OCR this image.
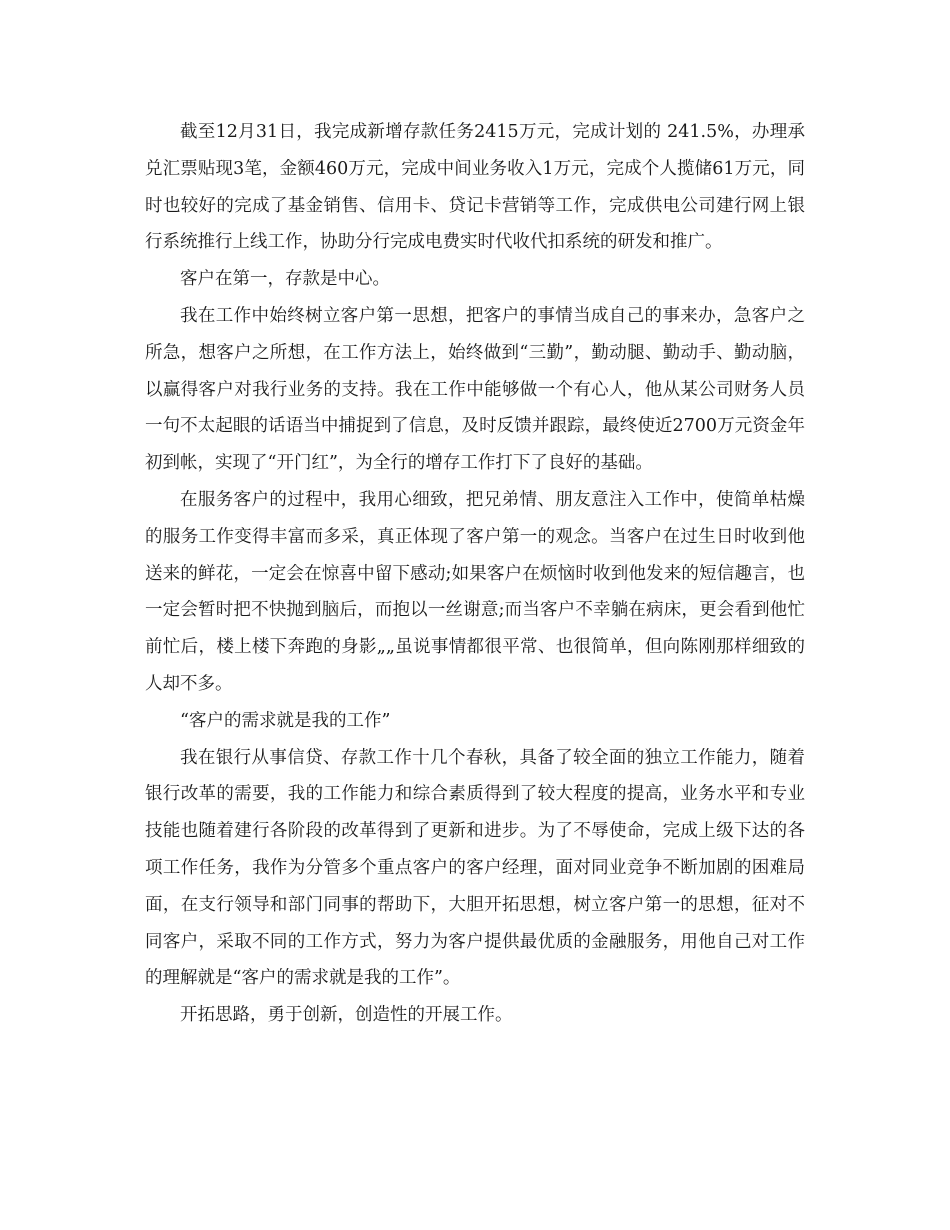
截至12月31日，我完成新增存款任务2415万元，完成计划的 241.5%，办理承兑汇票贴现3笔，金额460万元，完成中间业务收入1万元，完成个人揽储61万元，同时也较好的完成了基金销售、信用卡、贷记卡营销等工作，完成供电公司建行网上银行系统推行上线工作，协助分行完成电费实时代收代扣系统的研发和推广。

客户在第一，存款是中心。

我在工作中始终树立客户第一思想，把客户的事情当成自己的事来办，急客户之所急，想客户之所想，在工作方法上，始终做到“三勤”，勤动腿、勤动手、勤动脑，以赢得客户对我行业务的支持。我在工作中能够做一个有心人，他从某公司财务人员一句不太起眼的话语当中捕捉到了信息，及时反馈并跟踪，最终使近2700万元资金年初到帐，实现了“开门红”，为全行的增存工作打下了良好的基础。

在服务客户的过程中，我用心细致，把兄弟情、朋友意注入工作中，使简单枯燥的服务工作变得丰富而多采，真正体现了客户第一的观念。当客户在过生日时收到他送来的鲜花，一定会在惊喜中留下感动;如果客户在烦恼时收到他发来的短信趣言，也一定会暂时把不快抛到脑后，而抱以一丝谢意;而当客户不幸躺在病床，更会看到他忙前忙后，楼上楼下奔跑的身影„„虽说事情都很平常、也很简单，但向陈刚那样细致的人却不多。

“客户的需求就是我的工作”

我在银行从事信贷、存款工作十几个春秋，具备了较全面的独立工作能力，随着银行改革的需要，我的工作能力和综合素质得到了较大程度的提高，业务水平和专业技能也随着建行各阶段的改革得到了更新和进步。为了不辱使命，完成上级下达的各项工作任务，我作为分管多个重点客户的客户经理，面对同业竞争不断加剧的困难局面，在支行领导和部门同事的帮助下，大胆开拓思想，树立客户第一的思想，征对不同客户，采取不同的工作方式，努力为客户提供最优质的金融服务，用他自己对工作的理解就是“客户的需求就是我的工作”。

开拓思路，勇于创新，创造性的开展工作。
